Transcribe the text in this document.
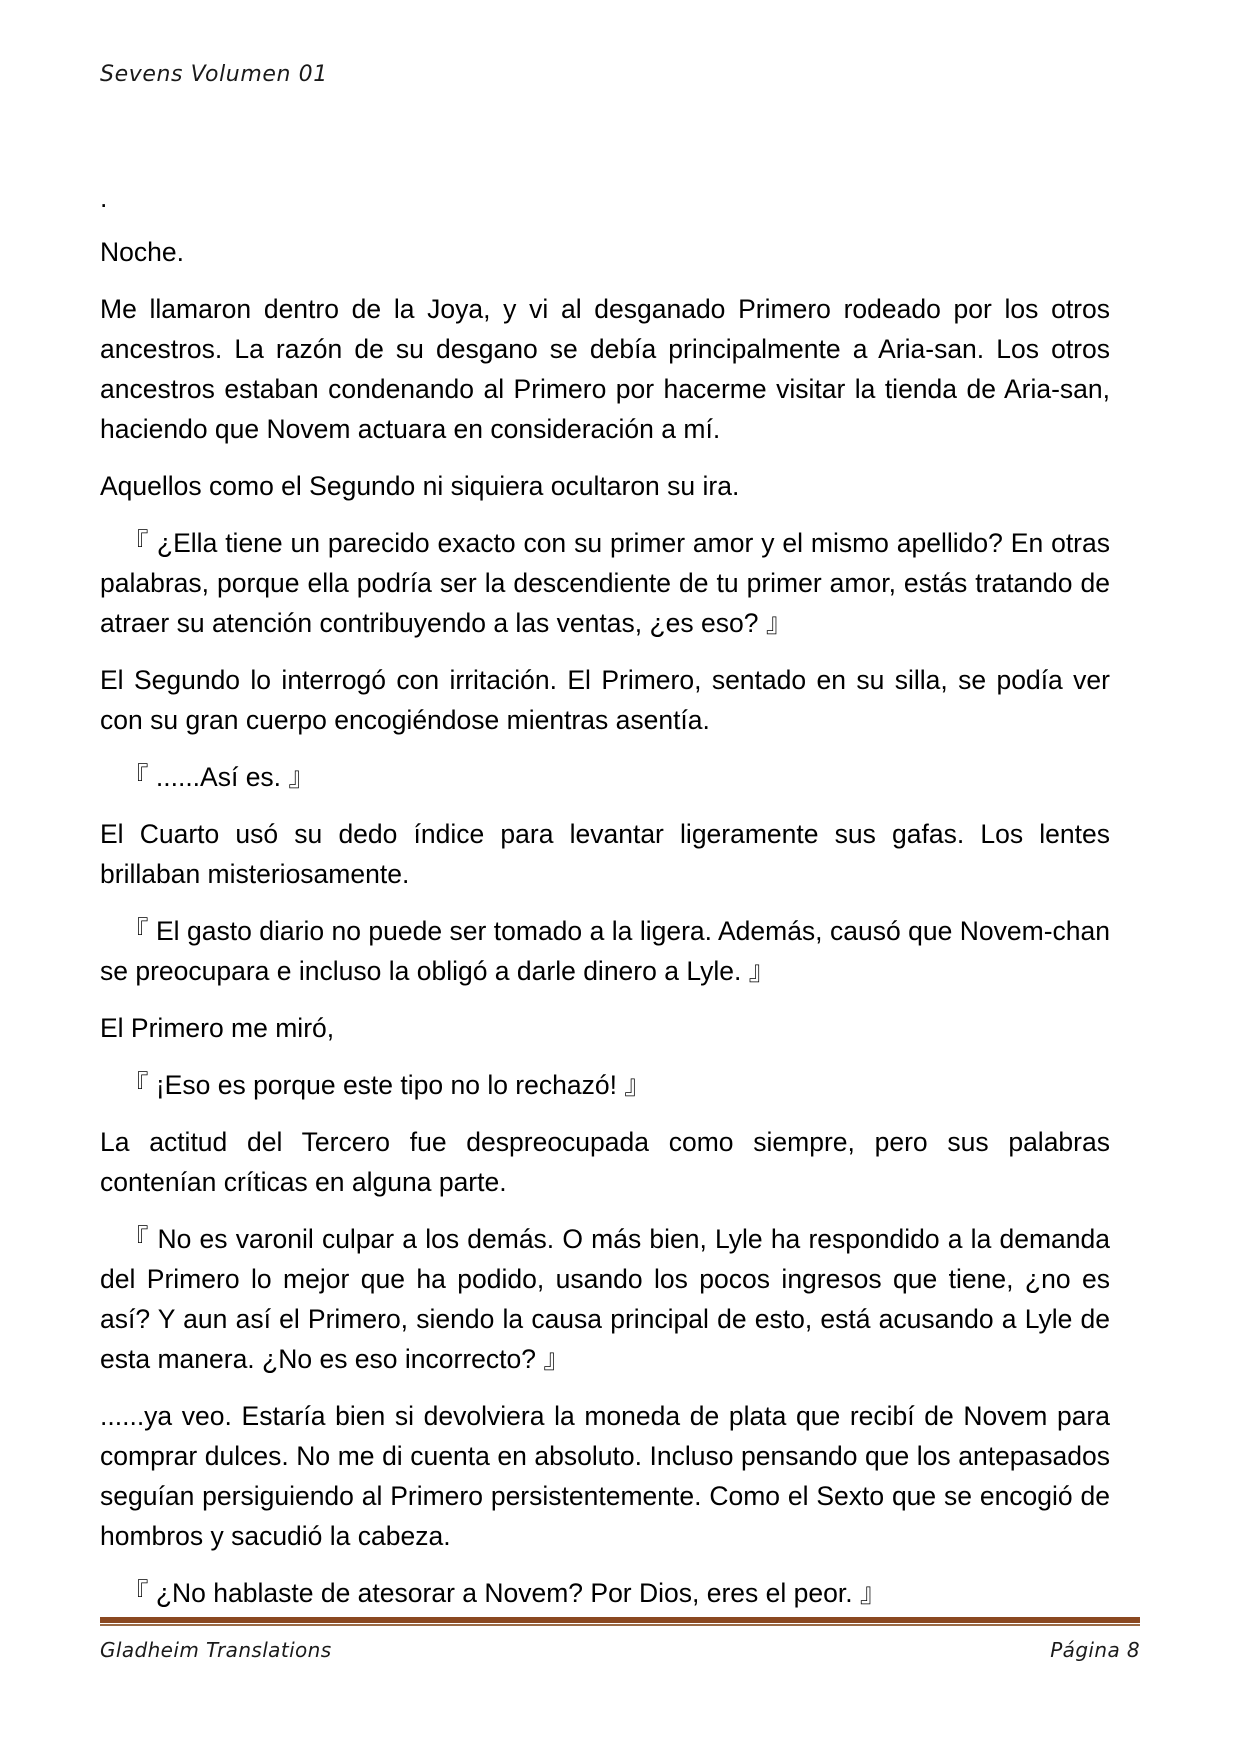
Sevens Volumen 01

.

Noche.

Me llamaron dentro de la Joya, y vi al desganado Primero rodeado por los otros ancestros. La razón de su desgano se debía principalmente a Aria-san. Los otros ancestros estaban condenando al Primero por hacerme visitar la tienda de Aria-san, haciendo que Novem actuara en consideración a mí.

Aquellos como el Segundo ni siquiera ocultaron su ira.

『 ¿Ella tiene un parecido exacto con su primer amor y el mismo apellido? En otras palabras, porque ella podría ser la descendiente de tu primer amor, estás tratando de atraer su atención contribuyendo a las ventas, ¿es eso? 』

El Segundo lo interrogó con irritación. El Primero, sentado en su silla, se podía ver con su gran cuerpo encogiéndose mientras asentía.

『 ......Así es. 』

El Cuarto usó su dedo índice para levantar ligeramente sus gafas. Los lentes brillaban misteriosamente.

『 El gasto diario no puede ser tomado a la ligera. Además, causó que Novem-chan se preocupara e incluso la obligó a darle dinero a Lyle. 』

El Primero me miró,

『 ¡Eso es porque este tipo no lo rechazó! 』

La actitud del Tercero fue despreocupada como siempre, pero sus palabras contenían críticas en alguna parte.

『 No es varonil culpar a los demás. O más bien, Lyle ha respondido a la demanda del Primero lo mejor que ha podido, usando los pocos ingresos que tiene, ¿no es así? Y aun así el Primero, siendo la causa principal de esto, está acusando a Lyle de esta manera. ¿No es eso incorrecto? 』

......ya veo. Estaría bien si devolviera la moneda de plata que recibí de Novem para comprar dulces. No me di cuenta en absoluto. Incluso pensando que los antepasados seguían persiguiendo al Primero persistentemente. Como el Sexto que se encogió de hombros y sacudió la cabeza.

『 ¿No hablaste de atesorar a Novem? Por Dios, eres el peor. 』

Gladheim Translations	Página 8
